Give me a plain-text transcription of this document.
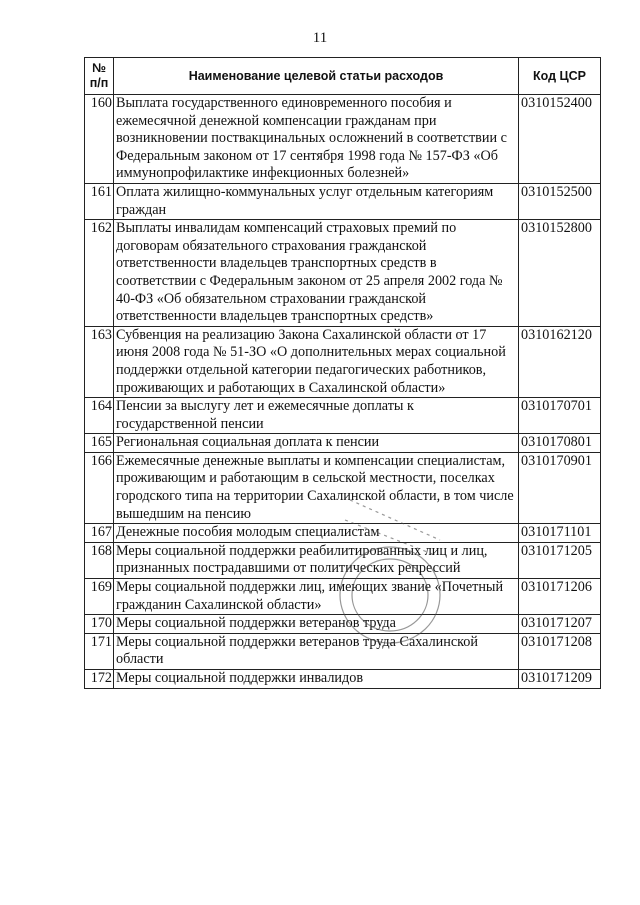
11
№ п/п	Наименование целевой статьи расходов	Код ЦСР
160	Выплата государственного единовременного пособия и ежемесячной денежной компенсации гражданам при возникновении поствакцинальных осложнений в соответствии с Федеральным законом от 17 сентября 1998 года № 157-ФЗ «Об иммунопрофилактике инфекционных болезней»	0310152400
161	Оплата жилищно-коммунальных услуг отдельным категориям граждан	0310152500
162	Выплаты инвалидам компенсаций страховых премий по договорам обязательного страхования гражданской ответственности владельцев транспортных средств в соответствии с Федеральным законом от 25 апреля 2002 года № 40-ФЗ «Об обязательном страховании гражданской ответственности владельцев транспортных средств»	0310152800
163	Субвенция на реализацию Закона Сахалинской области от 17 июня 2008 года № 51-ЗО «О дополнительных мерах социальной поддержки отдельной категории педагогических работников, проживающих и работающих в Сахалинской области»	0310162120
164	Пенсии за выслугу лет и ежемесячные доплаты к государственной пенсии	0310170701
165	Региональная социальная доплата к пенсии	0310170801
166	Ежемесячные денежные выплаты и компенсации специалистам, проживающим и работающим в сельской местности, поселках городского типа на территории Сахалинской области, в том числе вышедшим на пенсию	0310170901
167	Денежные пособия молодым специалистам	0310171101
168	Меры социальной поддержки реабилитированных лиц и лиц, признанных пострадавшими от политических репрессий	0310171205
169	Меры социальной поддержки лиц, имеющих звание «Почетный гражданин Сахалинской области»	0310171206
170	Меры социальной поддержки ветеранов труда	0310171207
171	Меры социальной поддержки ветеранов труда Сахалинской области	0310171208
172	Меры социальной поддержки инвалидов	0310171209
